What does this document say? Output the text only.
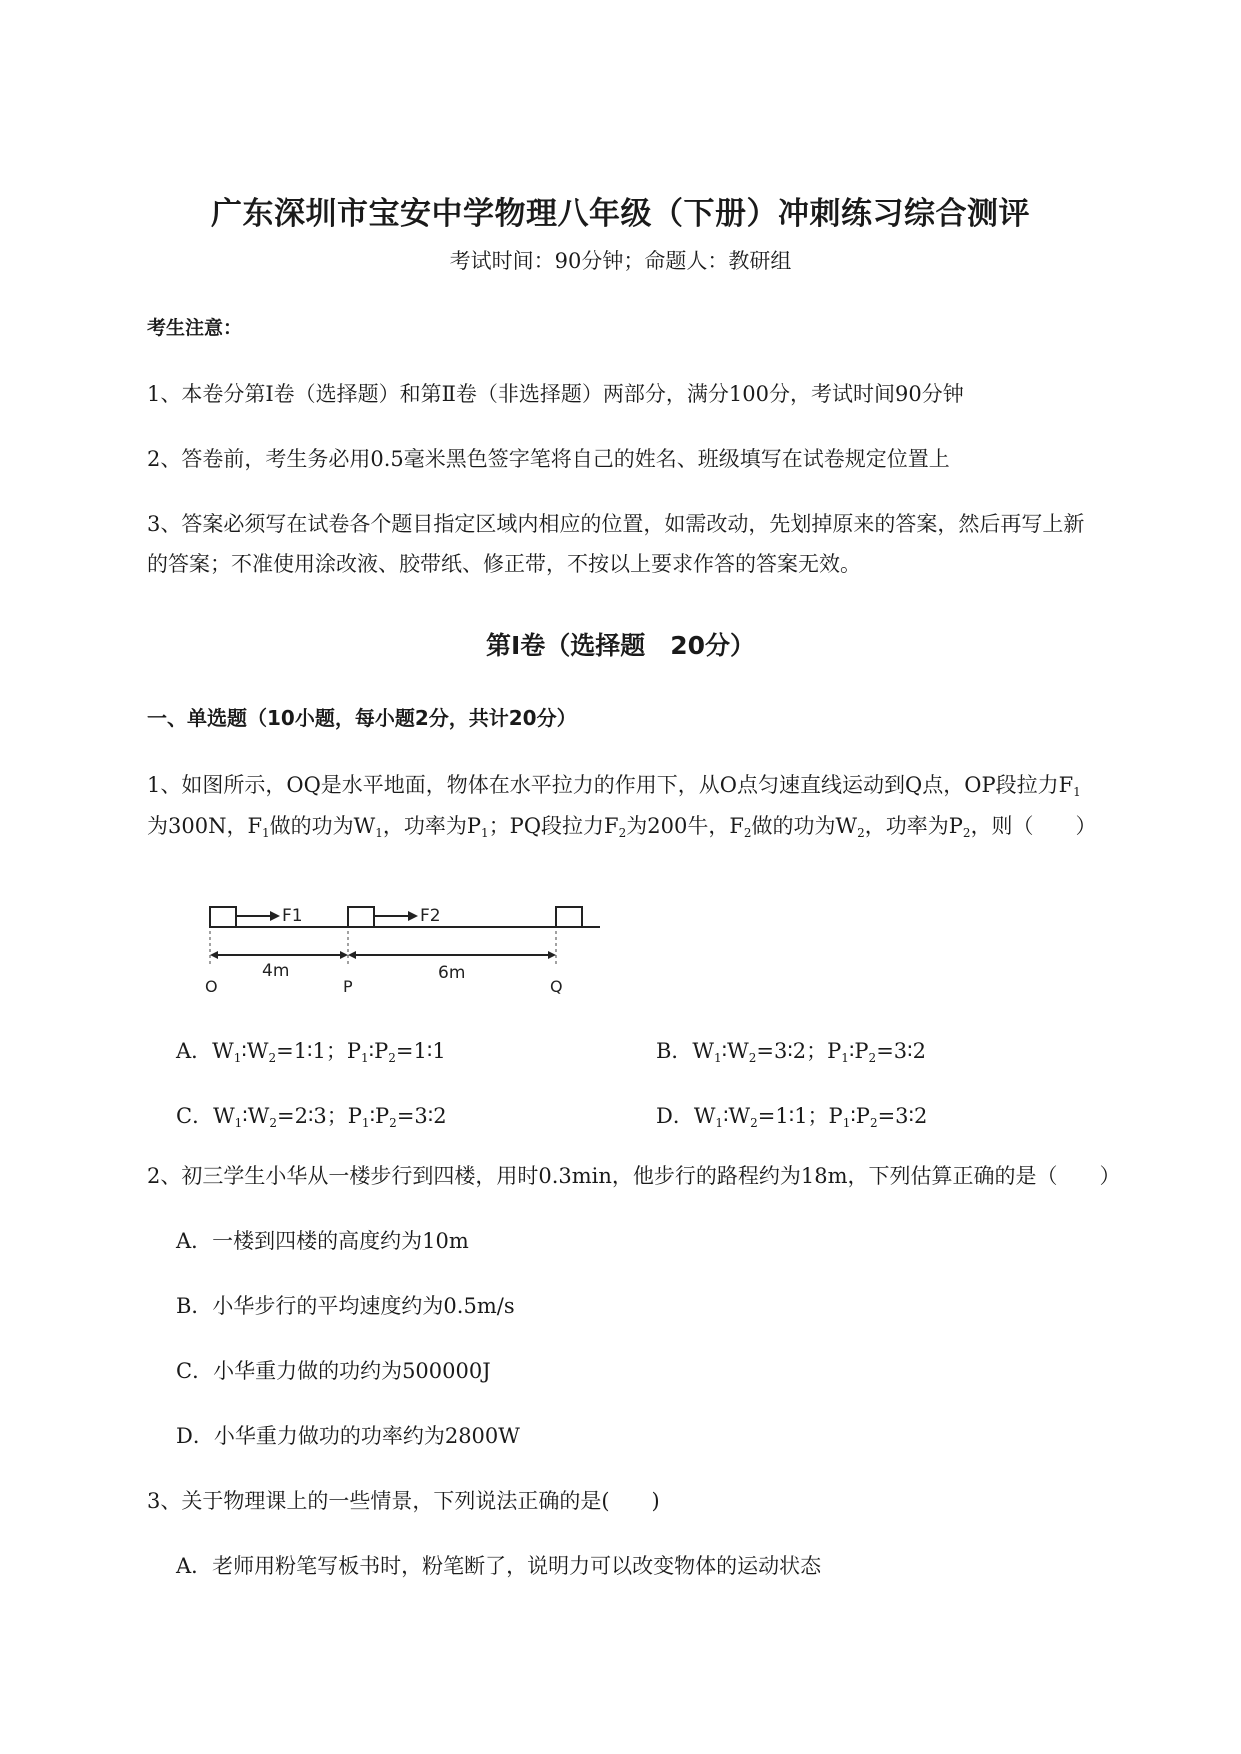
广东深圳市宝安中学物理八年级（下册）冲刺练习综合测评
考试时间：90分钟；命题人：教研组
考生注意：
1、本卷分第Ⅰ卷（选择题）和第Ⅱ卷（非选择题）两部分，满分100分，考试时间90分钟
2、答卷前，考生务必用0.5毫米黑色签字笔将自己的姓名、班级填写在试卷规定位置上
3、答案必须写在试卷各个题目指定区域内相应的位置，如需改动，先划掉原来的答案，然后再写上新
的答案；不准使用涂改液、胶带纸、修正带，不按以上要求作答的答案无效。
第Ⅰ卷（选择题　20分）
一、单选题（10小题，每小题2分，共计20分）
1、如图所示，OQ是水平地面，物体在水平拉力的作用下，从O点匀速直线运动到Q点，OP段拉力$F_1$
为300N，$F_1$做的功为$W_1$，功率为$P_1$；PQ段拉力$F_2$为200牛，$F_2$做的功为$W_2$，功率为$P_2$，则（　　）
F1	F2
4m	6m
O	P	Q
A．$W_1∶W_2=1∶1$；$P_1∶P_2=1∶1$	B．$W_1∶W_2=3∶2$；$P_1∶P_2=3∶2$
C．$W_1∶W_2=2∶3$；$P_1∶P_2=3∶2$	D．$W_1∶W_2=1∶1$；$P_1∶P_2=3∶2$
2、初三学生小华从一楼步行到四楼，用时0.3min，他步行的路程约为18m，下列估算正确的是（　　）
A．一楼到四楼的高度约为10m
B．小华步行的平均速度约为0.5m/s
C．小华重力做的功约为500000J
D．小华重力做功的功率约为2800W
3、关于物理课上的一些情景，下列说法正确的是(　　)
A．老师用粉笔写板书时，粉笔断了，说明力可以改变物体的运动状态
